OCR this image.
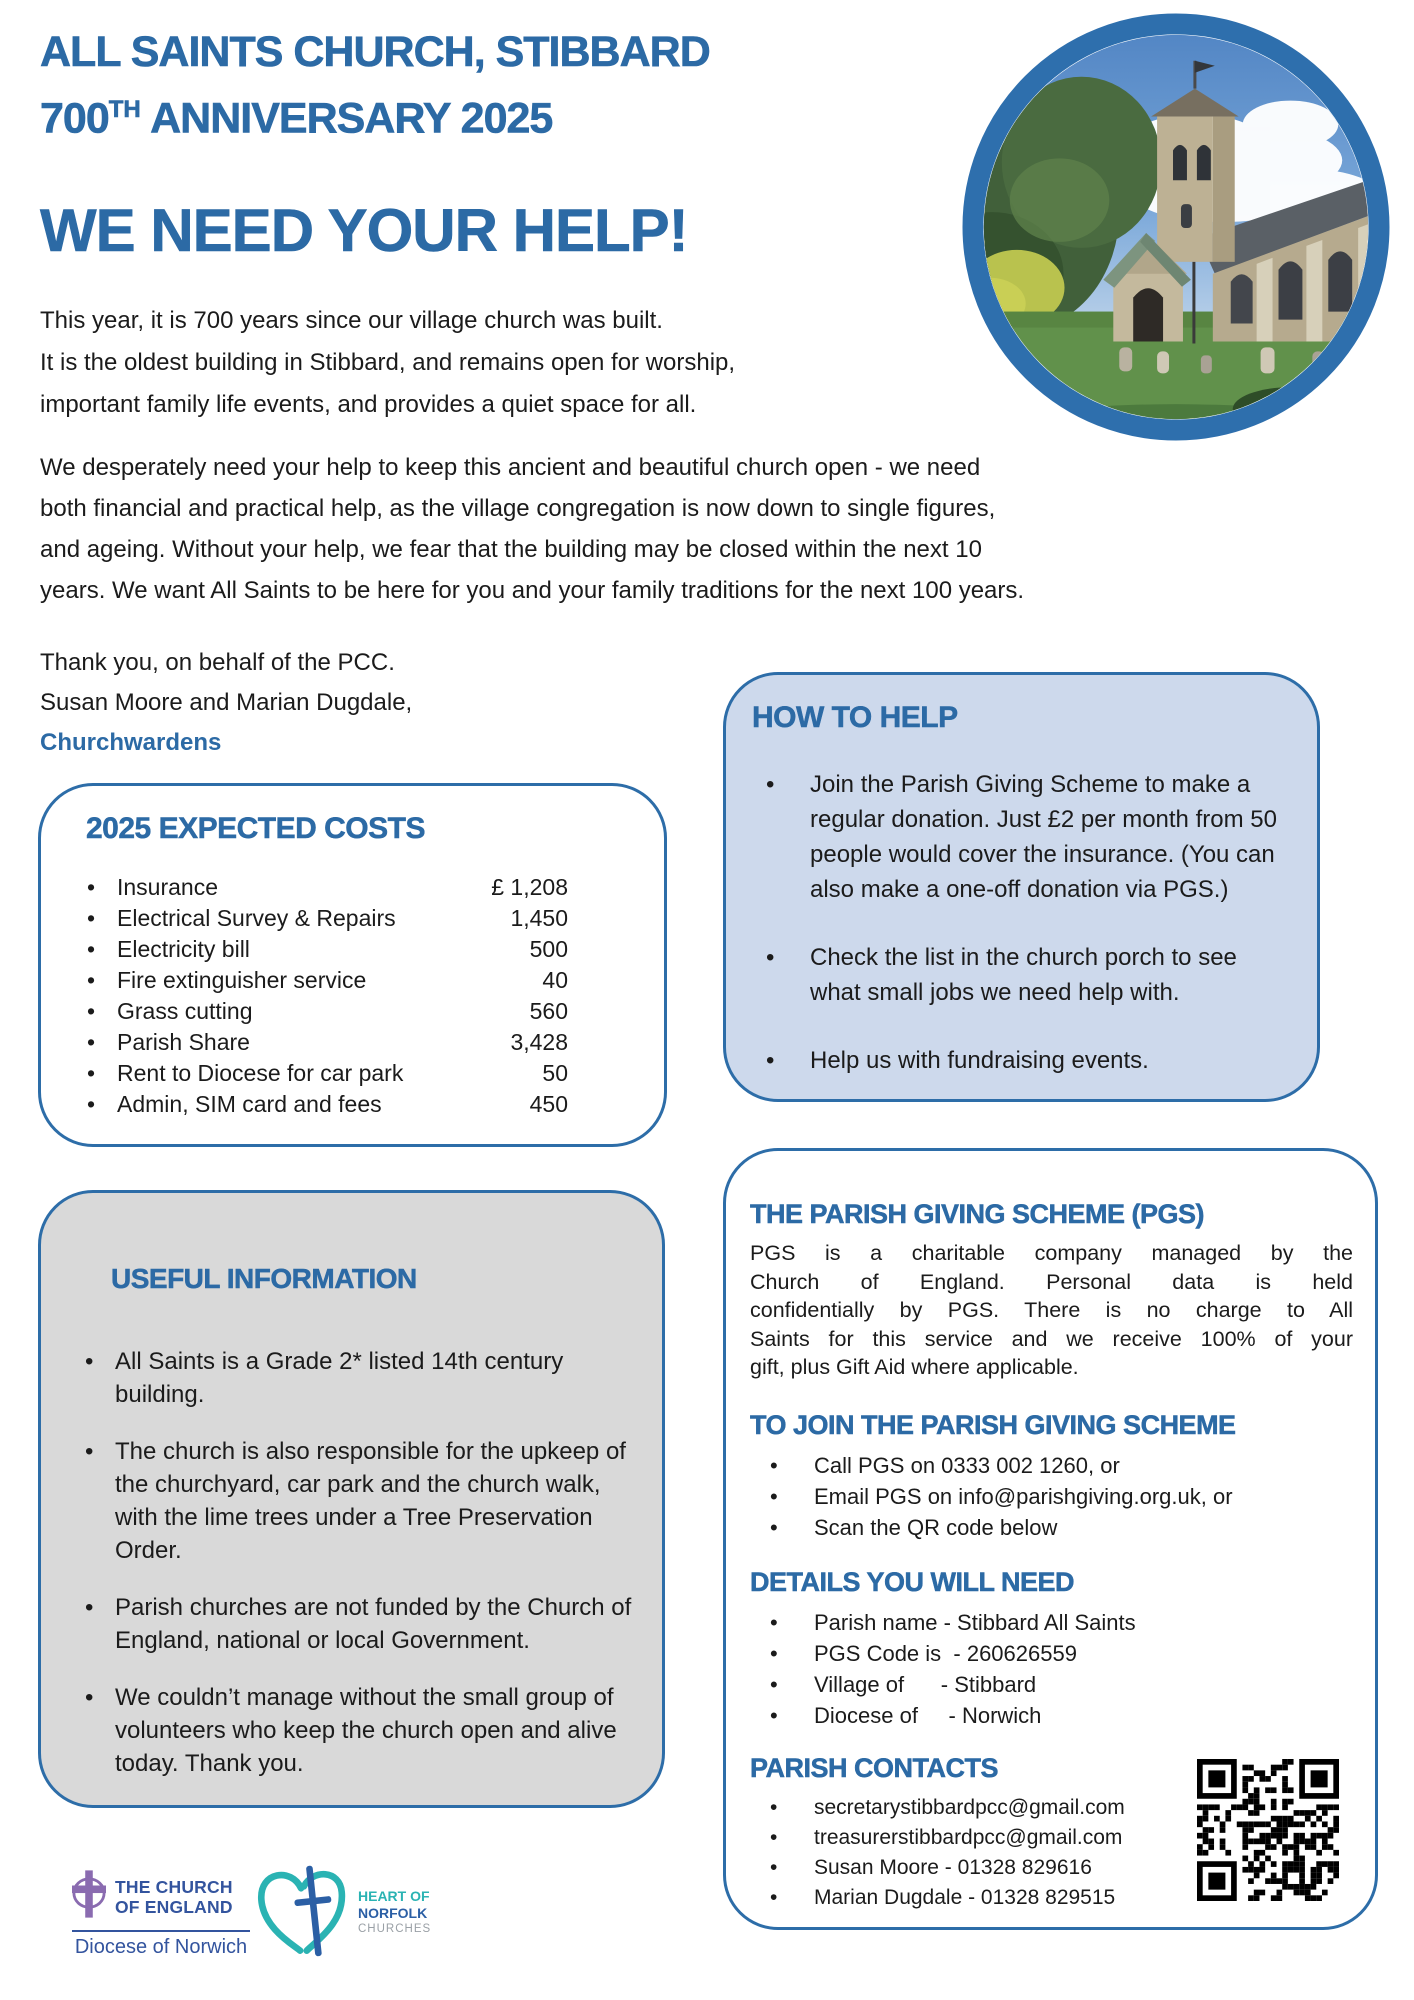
ALL SAINTS CHURCH, STIBBARD
700TH ANNIVERSARY 2025
WE NEED YOUR HELP!
This year, it is 700 years since our village church was built.
It is the oldest building in Stibbard, and remains open for worship,
important family life events, and provides a quiet space for all.
We desperately need your help to keep this ancient and beautiful church open - we need
both financial and practical help, as the village congregation is now down to single figures,
and ageing. Without your help, we fear that the building may be closed within the next 10
years. We want All Saints to be here for you and your family traditions for the next 100 years.
Thank you, on behalf of the PCC.
Susan Moore and Marian Dugdale,
Churchwardens
2025 EXPECTED COSTS
• Insurance	£ 1,208
• Electrical Survey & Repairs	1,450
• Electricity bill	500
• Fire extinguisher service	40
• Grass cutting	560
• Parish Share	3,428
• Rent to Diocese for car park	50
• Admin, SIM card and fees	450
HOW TO HELP
•	Join the Parish Giving Scheme to make a regular donation. Just £2 per month from 50 people would cover the insurance. (You can also make a one-off donation via PGS.)
•	Check the list in the church porch to see what small jobs we need help with.
•	Help us with fundraising events.
USEFUL INFORMATION
• All Saints is a Grade 2* listed 14th century building.
• The church is also responsible for the upkeep of the churchyard, car park and the church walk, with the lime trees under a Tree Preservation Order.
• Parish churches are not funded by the Church of England, national or local Government.
• We couldn’t manage without the small group of volunteers who keep the church open and alive today. Thank you.
THE PARISH GIVING SCHEME (PGS)
PGS is a charitable company managed by the
Church of England. Personal data is held
confidentially by PGS. There is no charge to All
Saints for this service and we receive 100% of your
gift, plus Gift Aid where applicable.
TO JOIN THE PARISH GIVING SCHEME
•	Call PGS on 0333 002 1260, or
•	Email PGS on info@parishgiving.org.uk, or
•	Scan the QR code below
DETAILS YOU WILL NEED
•	Parish name - Stibbard All Saints
•	PGS Code is  - 260626559
•	Village of      - Stibbard
•	Diocese of     - Norwich
PARISH CONTACTS
•	secretarystibbardpcc@gmail.com
•	treasurerstibbardpcc@gmail.com
•	Susan Moore - 01328 829616
•	Marian Dugdale - 01328 829515
THE CHURCH
OF ENGLAND
Diocese of Norwich
HEART OF
NORFOLK
CHURCHES
